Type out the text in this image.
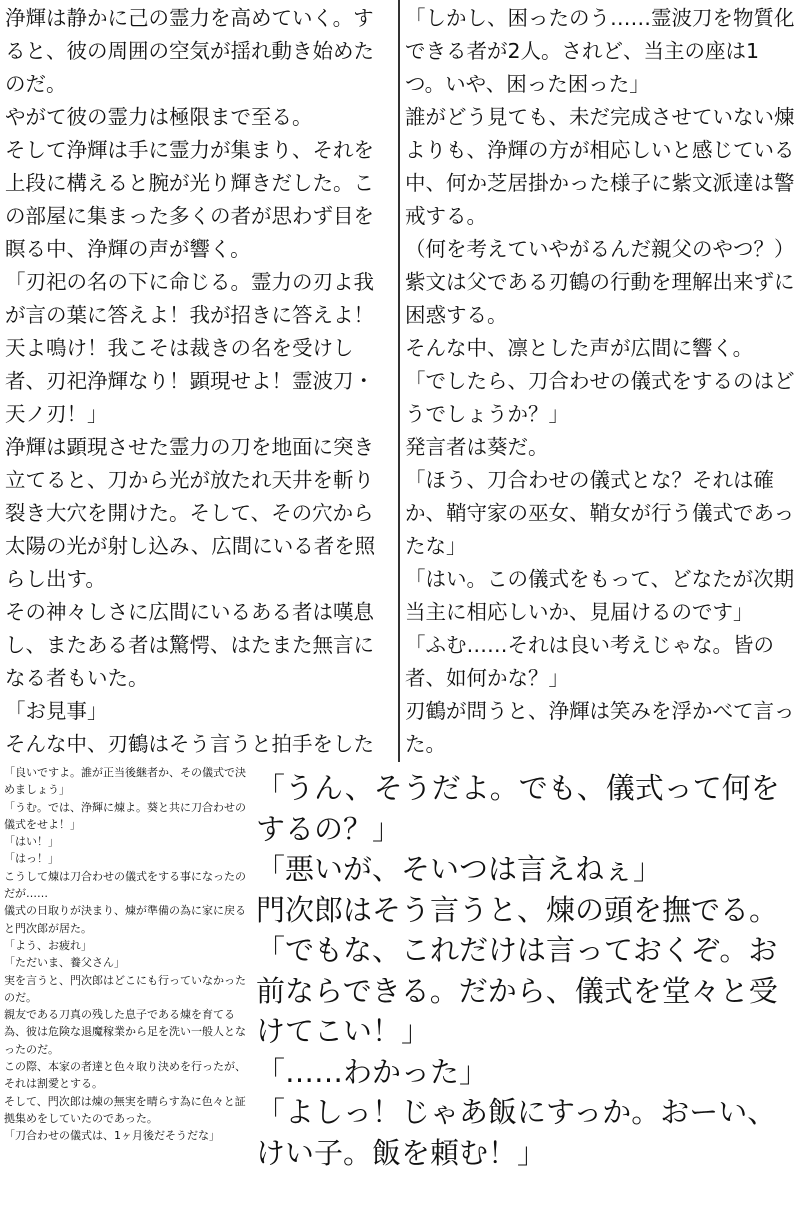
浄輝は静かに己の霊力を高めていく。すると、彼の周囲の空気が揺れ動き始めたのだ。

やがて彼の霊力は極限まで至る。

そして浄輝は手に霊力が集まり、それを上段に構えると腕が光り輝きだした。この部屋に集まった多くの者が思わず目を瞑る中、浄輝の声が響く。

「刃祀の名の下に命じる。霊力の刃よ我が言の葉に答えよ！我が招きに答えよ！天よ鳴け！我こそは裁きの名を受けし者、刃祀浄輝なり！顕現せよ！霊波刀・天ノ刃！」

浄輝は顕現させた霊力の刀を地面に突き立てると、刀から光が放たれ天井を斬り裂き大穴を開けた。そして、その穴から太陽の光が射し込み、広間にいる者を照らし出す。

その神々しさに広間にいるある者は嘆息し、またある者は驚愕、はたまた無言になる者もいた。

「お見事」

そんな中、刃鶴はそう言うと拍手をした

「しかし、困ったのう……霊波刀を物質化できる者が2人。されど、当主の座は1つ。いや、困った困った」

誰がどう見ても、未だ完成させていない煉よりも、浄輝の方が相応しいと感じている中、何か芝居掛かった様子に紫文派達は警戒する。

（何を考えていやがるんだ親父のやつ？）

紫文は父である刃鶴の行動を理解出来ずに困惑する。

そんな中、凛とした声が広間に響く。

「でしたら、刀合わせの儀式をするのはどうでしょうか？」

発言者は葵だ。

「ほう、刀合わせの儀式とな？それは確か、鞘守家の巫女、鞘女が行う儀式であったな」

「はい。この儀式をもって、どなたが次期当主に相応しいか、見届けるのです」

「ふむ……それは良い考えじゃな。皆の者、如何かな？」

刃鶴が問うと、浄輝は笑みを浮かべて言った。

「良いですよ。誰が正当後継者か、その儀式で決めましょう」

「うむ。では、浄輝に煉よ。葵と共に刀合わせの儀式をせよ！」

「はい！」

「はっ！」

こうして煉は刀合わせの儀式をする事になったのだが……

儀式の日取りが決まり、煉が準備の為に家に戻ると門次郎が居た。

「よう、お疲れ」

「ただいま、養父さん」

実を言うと、門次郎はどこにも行っていなかったのだ。

親友である刀真の残した息子である煉を育てる為、彼は危険な退魔稼業から足を洗い一般人となったのだ。

この際、本家の者達と色々取り決めを行ったが、それは割愛とする。

そして、門次郎は煉の無実を晴らす為に色々と証拠集めをしていたのであった。

「刀合わせの儀式は、1ヶ月後だそうだな」

「うん、そうだよ。でも、儀式って何をするの？」

「悪いが、そいつは言えねぇ」

門次郎はそう言うと、煉の頭を撫でる。

「でもな、これだけは言っておくぞ。お前ならできる。だから、儀式を堂々と受けてこい！」

「……わかった」

「よしっ！じゃあ飯にすっか。おーい、けい子。飯を頼む！」
